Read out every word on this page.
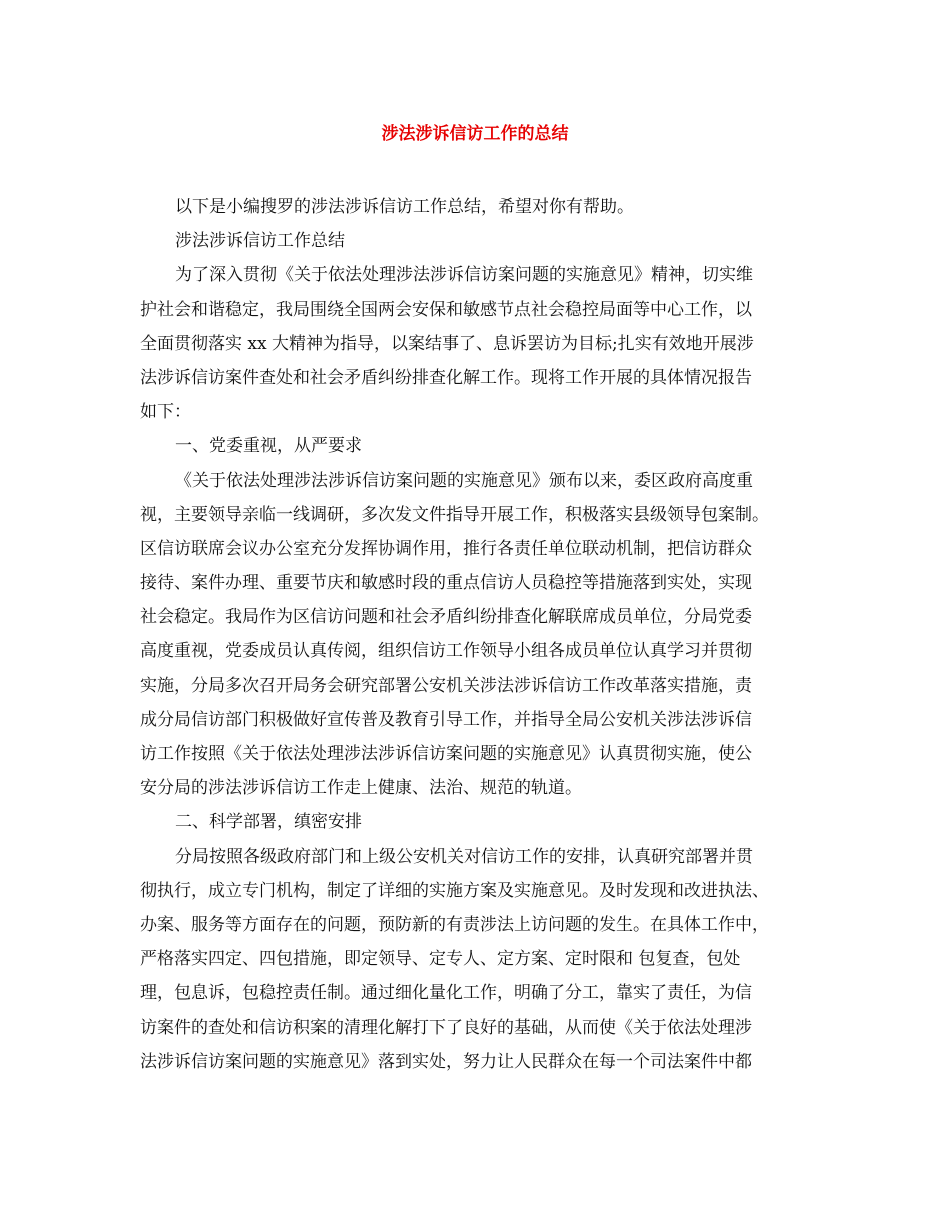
涉法涉诉信访工作的总结
以下是小编搜罗的涉法涉诉信访工作总结，希望对你有帮助。
涉法涉诉信访工作总结
为了深入贯彻《关于依法处理涉法涉诉信访案问题的实施意见》精神，切实维
护社会和谐稳定，我局围绕全国两会安保和敏感节点社会稳控局面等中心工作，以
全面贯彻落实 xx 大精神为指导，以案结事了、息诉罢访为目标;扎实有效地开展涉
法涉诉信访案件查处和社会矛盾纠纷排查化解工作。现将工作开展的具体情况报告
如下：
一、党委重视，从严要求
《关于依法处理涉法涉诉信访案问题的实施意见》颁布以来，委区政府高度重
视，主要领导亲临一线调研，多次发文件指导开展工作，积极落实县级领导包案制。
区信访联席会议办公室充分发挥协调作用，推行各责任单位联动机制，把信访群众
接待、案件办理、重要节庆和敏感时段的重点信访人员稳控等措施落到实处，实现
社会稳定。我局作为区信访问题和社会矛盾纠纷排查化解联席成员单位，分局党委
高度重视，党委成员认真传阅，组织信访工作领导小组各成员单位认真学习并贯彻
实施，分局多次召开局务会研究部署公安机关涉法涉诉信访工作改革落实措施，责
成分局信访部门积极做好宣传普及教育引导工作，并指导全局公安机关涉法涉诉信
访工作按照《关于依法处理涉法涉诉信访案问题的实施意见》认真贯彻实施，使公
安分局的涉法涉诉信访工作走上健康、法治、规范的轨道。
二、科学部署，缜密安排
分局按照各级政府部门和上级公安机关对信访工作的安排，认真研究部署并贯
彻执行，成立专门机构，制定了详细的实施方案及实施意见。及时发现和改进执法、
办案、服务等方面存在的问题，预防新的有责涉法上访问题的发生。在具体工作中，
严格落实四定、四包措施，即定领导、定专人、定方案、定时限和 包复查，包处
理，包息诉，包稳控责任制。通过细化量化工作，明确了分工，靠实了责任，为信
访案件的查处和信访积案的清理化解打下了良好的基础，从而使《关于依法处理涉
法涉诉信访案问题的实施意见》落到实处，努力让人民群众在每一个司法案件中都
